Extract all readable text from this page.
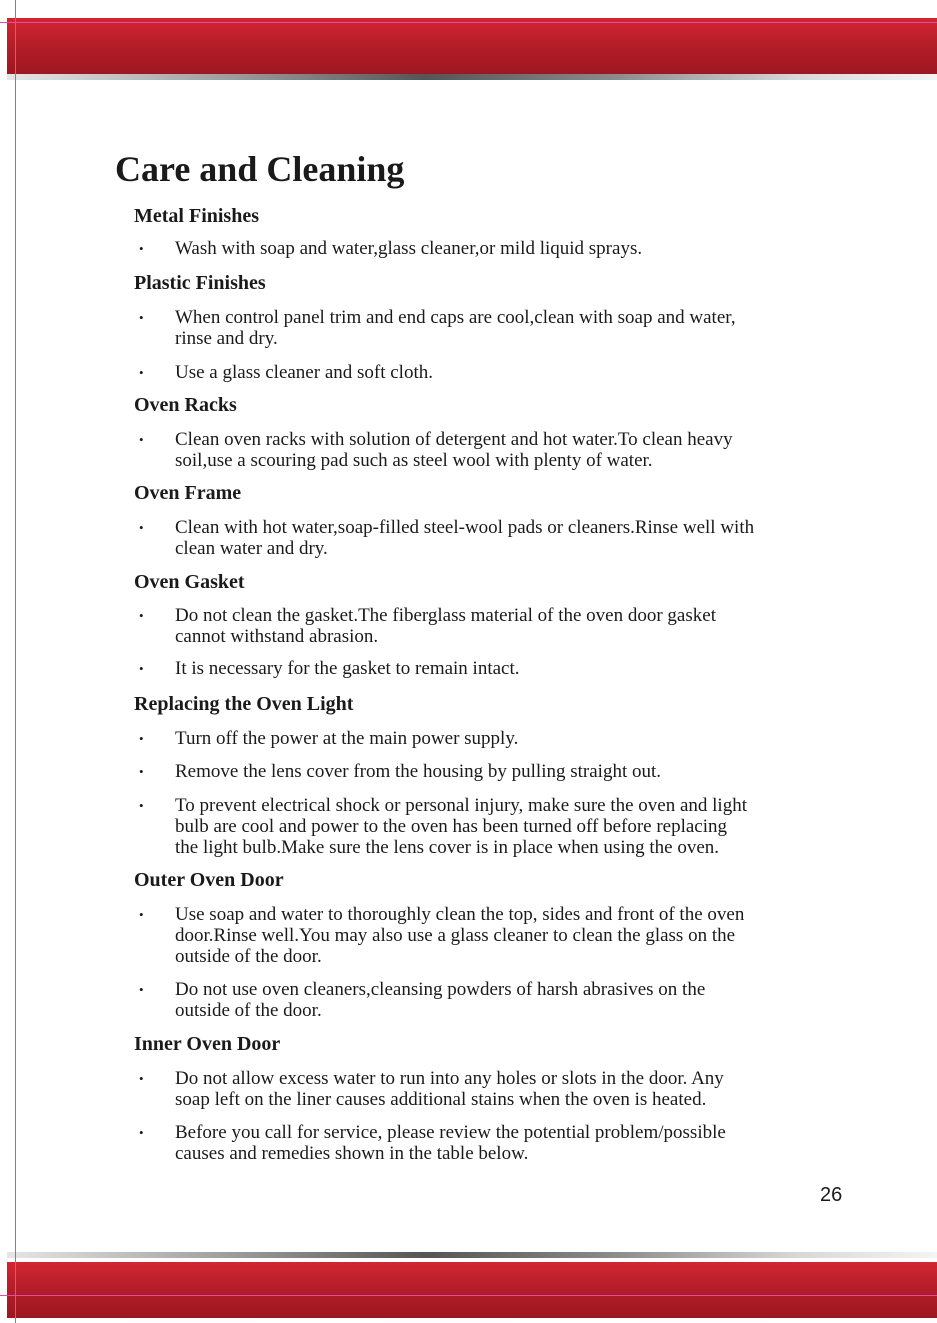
Care and Cleaning
Metal Finishes
• Wash with soap and water,glass cleaner,or mild liquid sprays.
Plastic Finishes
• When control panel trim and end caps are cool,clean with soap and water,
rinse and dry.
• Use a glass cleaner and soft cloth.
Oven Racks
• Clean oven racks with solution of detergent and hot water.To clean heavy
soil,use a scouring pad such as steel wool with plenty of water.
Oven Frame
• Clean with hot water,soap-filled steel-wool pads or cleaners.Rinse well with
clean water and dry.
Oven Gasket
• Do not clean the gasket.The fiberglass material of the oven door gasket
cannot withstand abrasion.
• It is necessary for the gasket to remain intact.
Replacing the Oven Light
• Turn off the power at the main power supply.
• Remove the lens cover from the housing by pulling straight out.
• To prevent electrical shock or personal injury, make sure the oven and light
bulb are cool and power to the oven has been turned off before replacing
the light bulb.Make sure the lens cover is in place when using the oven.
Outer Oven Door
• Use soap and water to thoroughly clean the top, sides and front of the oven
door.Rinse well.You may also use a glass cleaner to clean the glass on the
outside of the door.
• Do not use oven cleaners,cleansing powders of harsh abrasives on the
outside of the door.
Inner Oven Door
• Do not allow excess water to run into any holes or slots in the door. Any
soap left on the liner causes additional stains when the oven is heated.
• Before you call for service, please review the potential problem/possible
causes and remedies shown in the table below.
26
